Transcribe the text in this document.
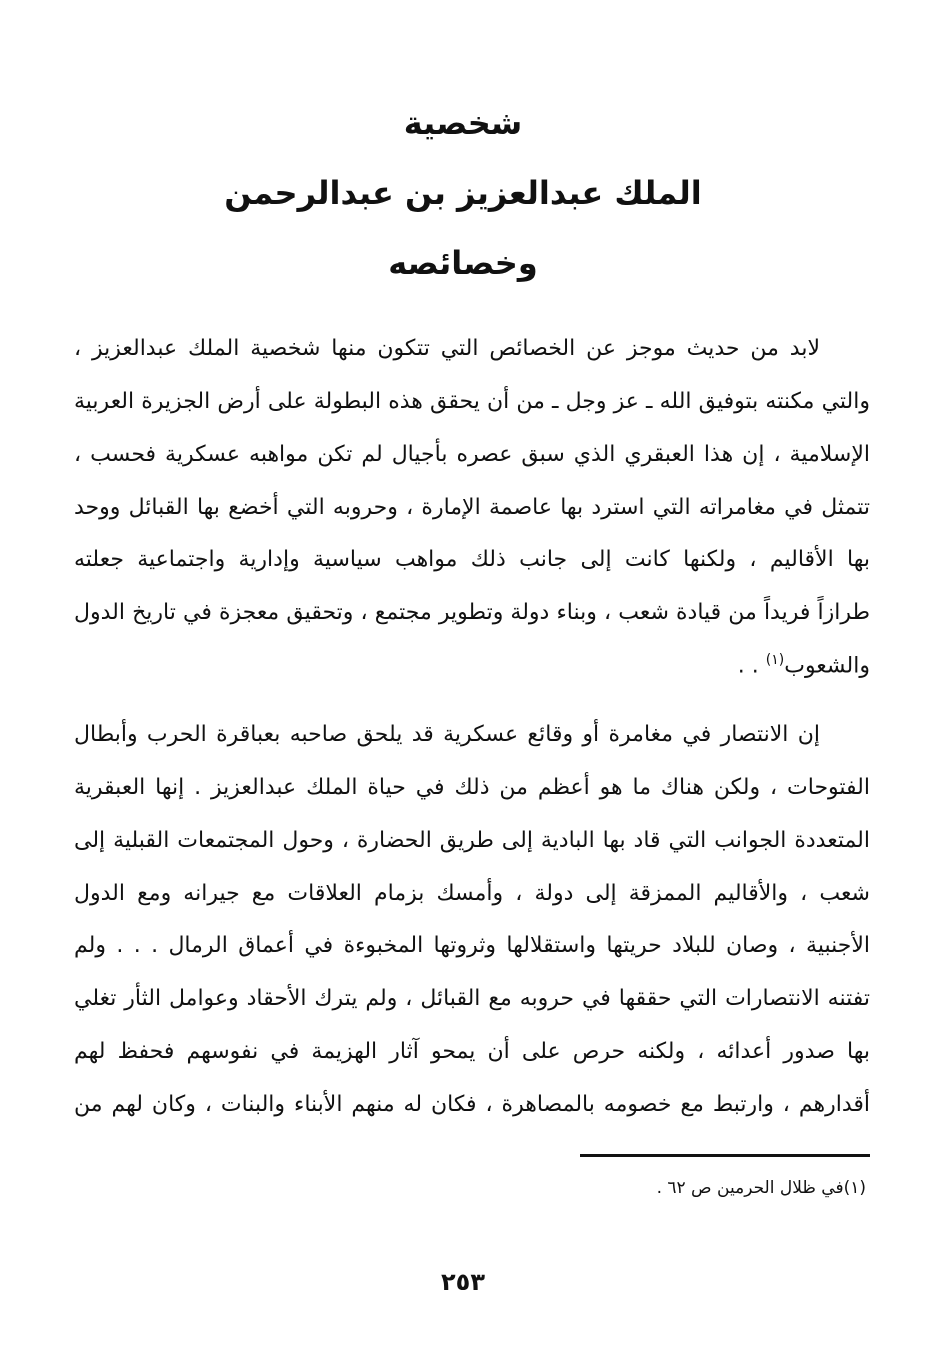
شخصية
الملك عبدالعزيز بن عبدالرحمن
وخصائصه
لابد من حديث موجز عن الخصائص التي تتكون منها شخصية الملك عبدالعزيز ،
والتي مكنته بتوفيق الله ـ عز وجل ـ من أن يحقق هذه البطولة على أرض الجزيرة العربية
الإسلامية ، إن هذا العبقري الذي سبق عصره بأجيال لم تكن مواهبه عسكرية فحسب ،
تتمثل في مغامراته التي استرد بها عاصمة الإمارة ، وحروبه التي أخضع بها القبائل ووحد
بها الأقاليم ، ولكنها كانت إلى جانب ذلك مواهب سياسية وإدارية واجتماعية جعلته
طرازاً فريداً من قيادة شعب ، وبناء دولة وتطوير مجتمع ، وتحقيق معجزة في تاريخ الدول
والشعوب$^{(١)}$ . .
إن الانتصار في مغامرة أو وقائع عسكرية قد يلحق صاحبه بعباقرة الحرب وأبطال
الفتوحات ، ولكن هناك ما هو أعظم من ذلك في حياة الملك عبدالعزيز . إنها العبقرية
المتعددة الجوانب التي قاد بها البادية إلى طريق الحضارة ، وحول المجتمعات القبلية إلى
شعب ، والأقاليم الممزقة إلى دولة ، وأمسك بزمام العلاقات مع جيرانه ومع الدول
الأجنبية ، وصان للبلاد حريتها واستقلالها وثروتها المخبوءة في أعماق الرمال . . . ولم
تفتنه الانتصارات التي حققها في حروبه مع القبائل ، ولم يترك الأحقاد وعوامل الثأر تغلي
بها صدور أعدائه ، ولكنه حرص على أن يمحو آثار الهزيمة في نفوسهم فحفظ لهم
أقدارهم ، وارتبط مع خصومه بالمصاهرة ، فكان له منهم الأبناء والبنات ، وكان لهم من
(١)في ظلال الحرمين ص ٦٢ .
٢٥٣
